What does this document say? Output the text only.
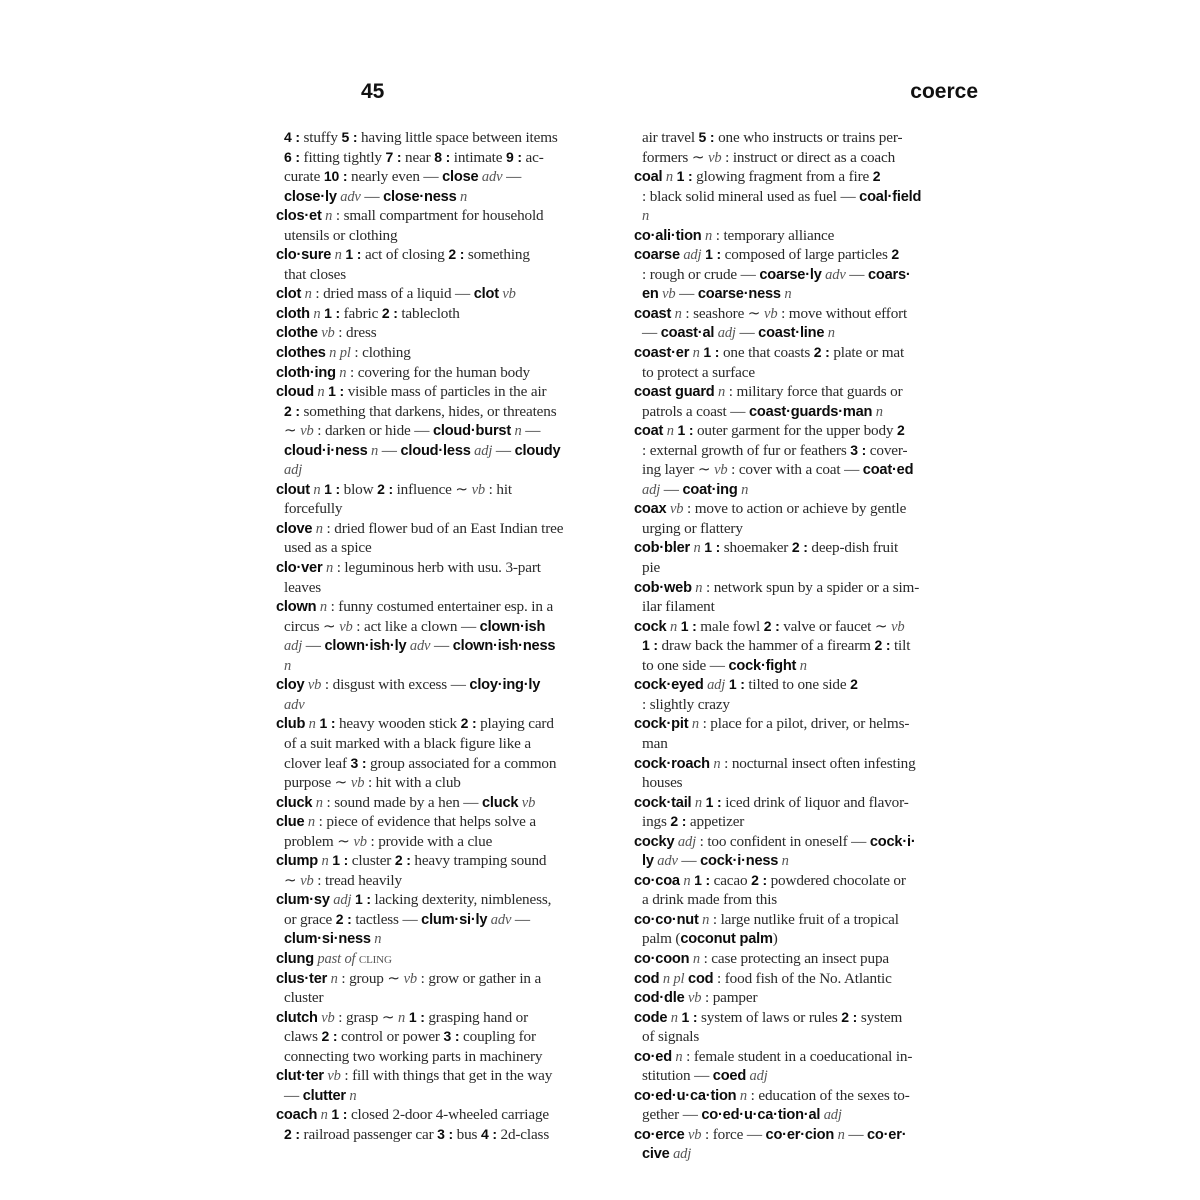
45	coerce
4 : stuffy 5 : having little space between items
6 : fitting tightly 7 : near 8 : intimate 9 : ac-
curate 10 : nearly even — close adv —
close·ly adv — close·ness n
clos·et n : small compartment for household
utensils or clothing
clo·sure n 1 : act of closing 2 : something
that closes
clot n : dried mass of a liquid — clot vb
cloth n 1 : fabric 2 : tablecloth
clothe vb : dress
clothes n pl : clothing
cloth·ing n : covering for the human body
cloud n 1 : visible mass of particles in the air
2 : something that darkens, hides, or threatens
∼ vb : darken or hide — cloud·burst n —
cloud·i·ness n — cloud·less adj — cloudy
adj
clout n 1 : blow 2 : influence ∼ vb : hit
forcefully
clove n : dried flower bud of an East Indian tree
used as a spice
clo·ver n : leguminous herb with usu. 3-part
leaves
clown n : funny costumed entertainer esp. in a
circus ∼ vb : act like a clown — clown·ish
adj — clown·ish·ly adv — clown·ish·ness
n
cloy vb : disgust with excess — cloy·ing·ly
adv
club n 1 : heavy wooden stick 2 : playing card
of a suit marked with a black figure like a
clover leaf 3 : group associated for a common
purpose ∼ vb : hit with a club
cluck n : sound made by a hen — cluck vb
clue n : piece of evidence that helps solve a
problem ∼ vb : provide with a clue
clump n 1 : cluster 2 : heavy tramping sound
∼ vb : tread heavily
clum·sy adj 1 : lacking dexterity, nimbleness,
or grace 2 : tactless — clum·si·ly adv —
clum·si·ness n
clung past of cling
clus·ter n : group ∼ vb : grow or gather in a
cluster
clutch vb : grasp ∼ n 1 : grasping hand or
claws 2 : control or power 3 : coupling for
connecting two working parts in machinery
clut·ter vb : fill with things that get in the way
— clutter n
coach n 1 : closed 2-door 4-wheeled carriage
2 : railroad passenger car 3 : bus 4 : 2d-class
air travel 5 : one who instructs or trains per-
formers ∼ vb : instruct or direct as a coach
coal n 1 : glowing fragment from a fire 2
: black solid mineral used as fuel — coal·field
n
co·ali·tion n : temporary alliance
coarse adj 1 : composed of large particles 2
: rough or crude — coarse·ly adv — coars·
en vb — coarse·ness n
coast n : seashore ∼ vb : move without effort
— coast·al adj — coast·line n
coast·er n 1 : one that coasts 2 : plate or mat
to protect a surface
coast guard n : military force that guards or
patrols a coast — coast·guards·man n
coat n 1 : outer garment for the upper body 2
: external growth of fur or feathers 3 : cover-
ing layer ∼ vb : cover with a coat — coat·ed
adj — coat·ing n
coax vb : move to action or achieve by gentle
urging or flattery
cob·bler n 1 : shoemaker 2 : deep-dish fruit
pie
cob·web n : network spun by a spider or a sim-
ilar filament
cock n 1 : male fowl 2 : valve or faucet ∼ vb
1 : draw back the hammer of a firearm 2 : tilt
to one side — cock·fight n
cock·eyed adj 1 : tilted to one side 2
: slightly crazy
cock·pit n : place for a pilot, driver, or helms-
man
cock·roach n : nocturnal insect often infesting
houses
cock·tail n 1 : iced drink of liquor and flavor-
ings 2 : appetizer
cocky adj : too confident in oneself — cock·i·
ly adv — cock·i·ness n
co·coa n 1 : cacao 2 : powdered chocolate or
a drink made from this
co·co·nut n : large nutlike fruit of a tropical
palm (coconut palm)
co·coon n : case protecting an insect pupa
cod n pl cod : food fish of the No. Atlantic
cod·dle vb : pamper
code n 1 : system of laws or rules 2 : system
of signals
co·ed n : female student in a coeducational in-
stitution — coed adj
co·ed·u·ca·tion n : education of the sexes to-
gether — co·ed·u·ca·tion·al adj
co·erce vb : force — co·er·cion n — co·er·
cive adj
